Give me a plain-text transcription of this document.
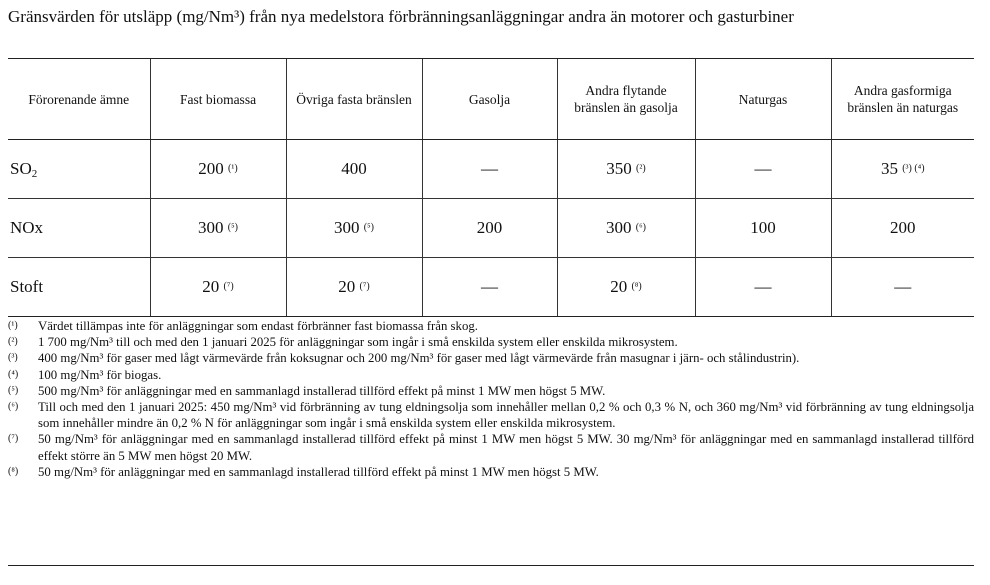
Gränsvärden för utsläpp (mg/Nm³) från nya medelstora förbränningsanläggningar andra än motorer och gasturbiner
Förorenande ämne	Fast biomassa	Övriga fasta bränslen	Gasolja	Andra flytande bränslen än gasolja	Naturgas	Andra gasformiga bränslen än naturgas
$SO_2$	200 (¹)	400	—	350 (²)	—	35 (³) (⁴)
NOx	300 (⁵)	300 (⁵)	200	300 (⁶)	100	200
Stoft	20 (⁷)	20 (⁷)	—	20 (⁸)	—	—
(¹)	Värdet tillämpas inte för anläggningar som endast förbränner fast biomassa från skog.
(²)	1 700 mg/Nm³ till och med den 1 januari 2025 för anläggningar som ingår i små enskilda system eller enskilda mikrosystem.
(³)	400 mg/Nm³ för gaser med lågt värmevärde från koksugnar och 200 mg/Nm³ för gaser med lågt värmevärde från masugnar i järn- och stålindustrin).
(⁴)	100 mg/Nm³ för biogas.
(⁵)	500 mg/Nm³ för anläggningar med en sammanlagd installerad tillförd effekt på minst 1 MW men högst 5 MW.
(⁶)	Till och med den 1 januari 2025: 450 mg/Nm³ vid förbränning av tung eldningsolja som innehåller mellan 0,2 % och 0,3 % N, och 360 mg/Nm³ vid förbränning av tung eldningsolja som innehåller mindre än 0,2 % N för anläggningar som ingår i små enskilda system eller enskilda mikrosystem.
(⁷)	50 mg/Nm³ för anläggningar med en sammanlagd installerad tillförd effekt på minst 1 MW men högst 5 MW. 30 mg/Nm³ för anläggningar med en sammanlagd installerad tillförd effekt större än 5 MW men högst 20 MW.
(⁸)	50 mg/Nm³ för anläggningar med en sammanlagd installerad tillförd effekt på minst 1 MW men högst 5 MW.
